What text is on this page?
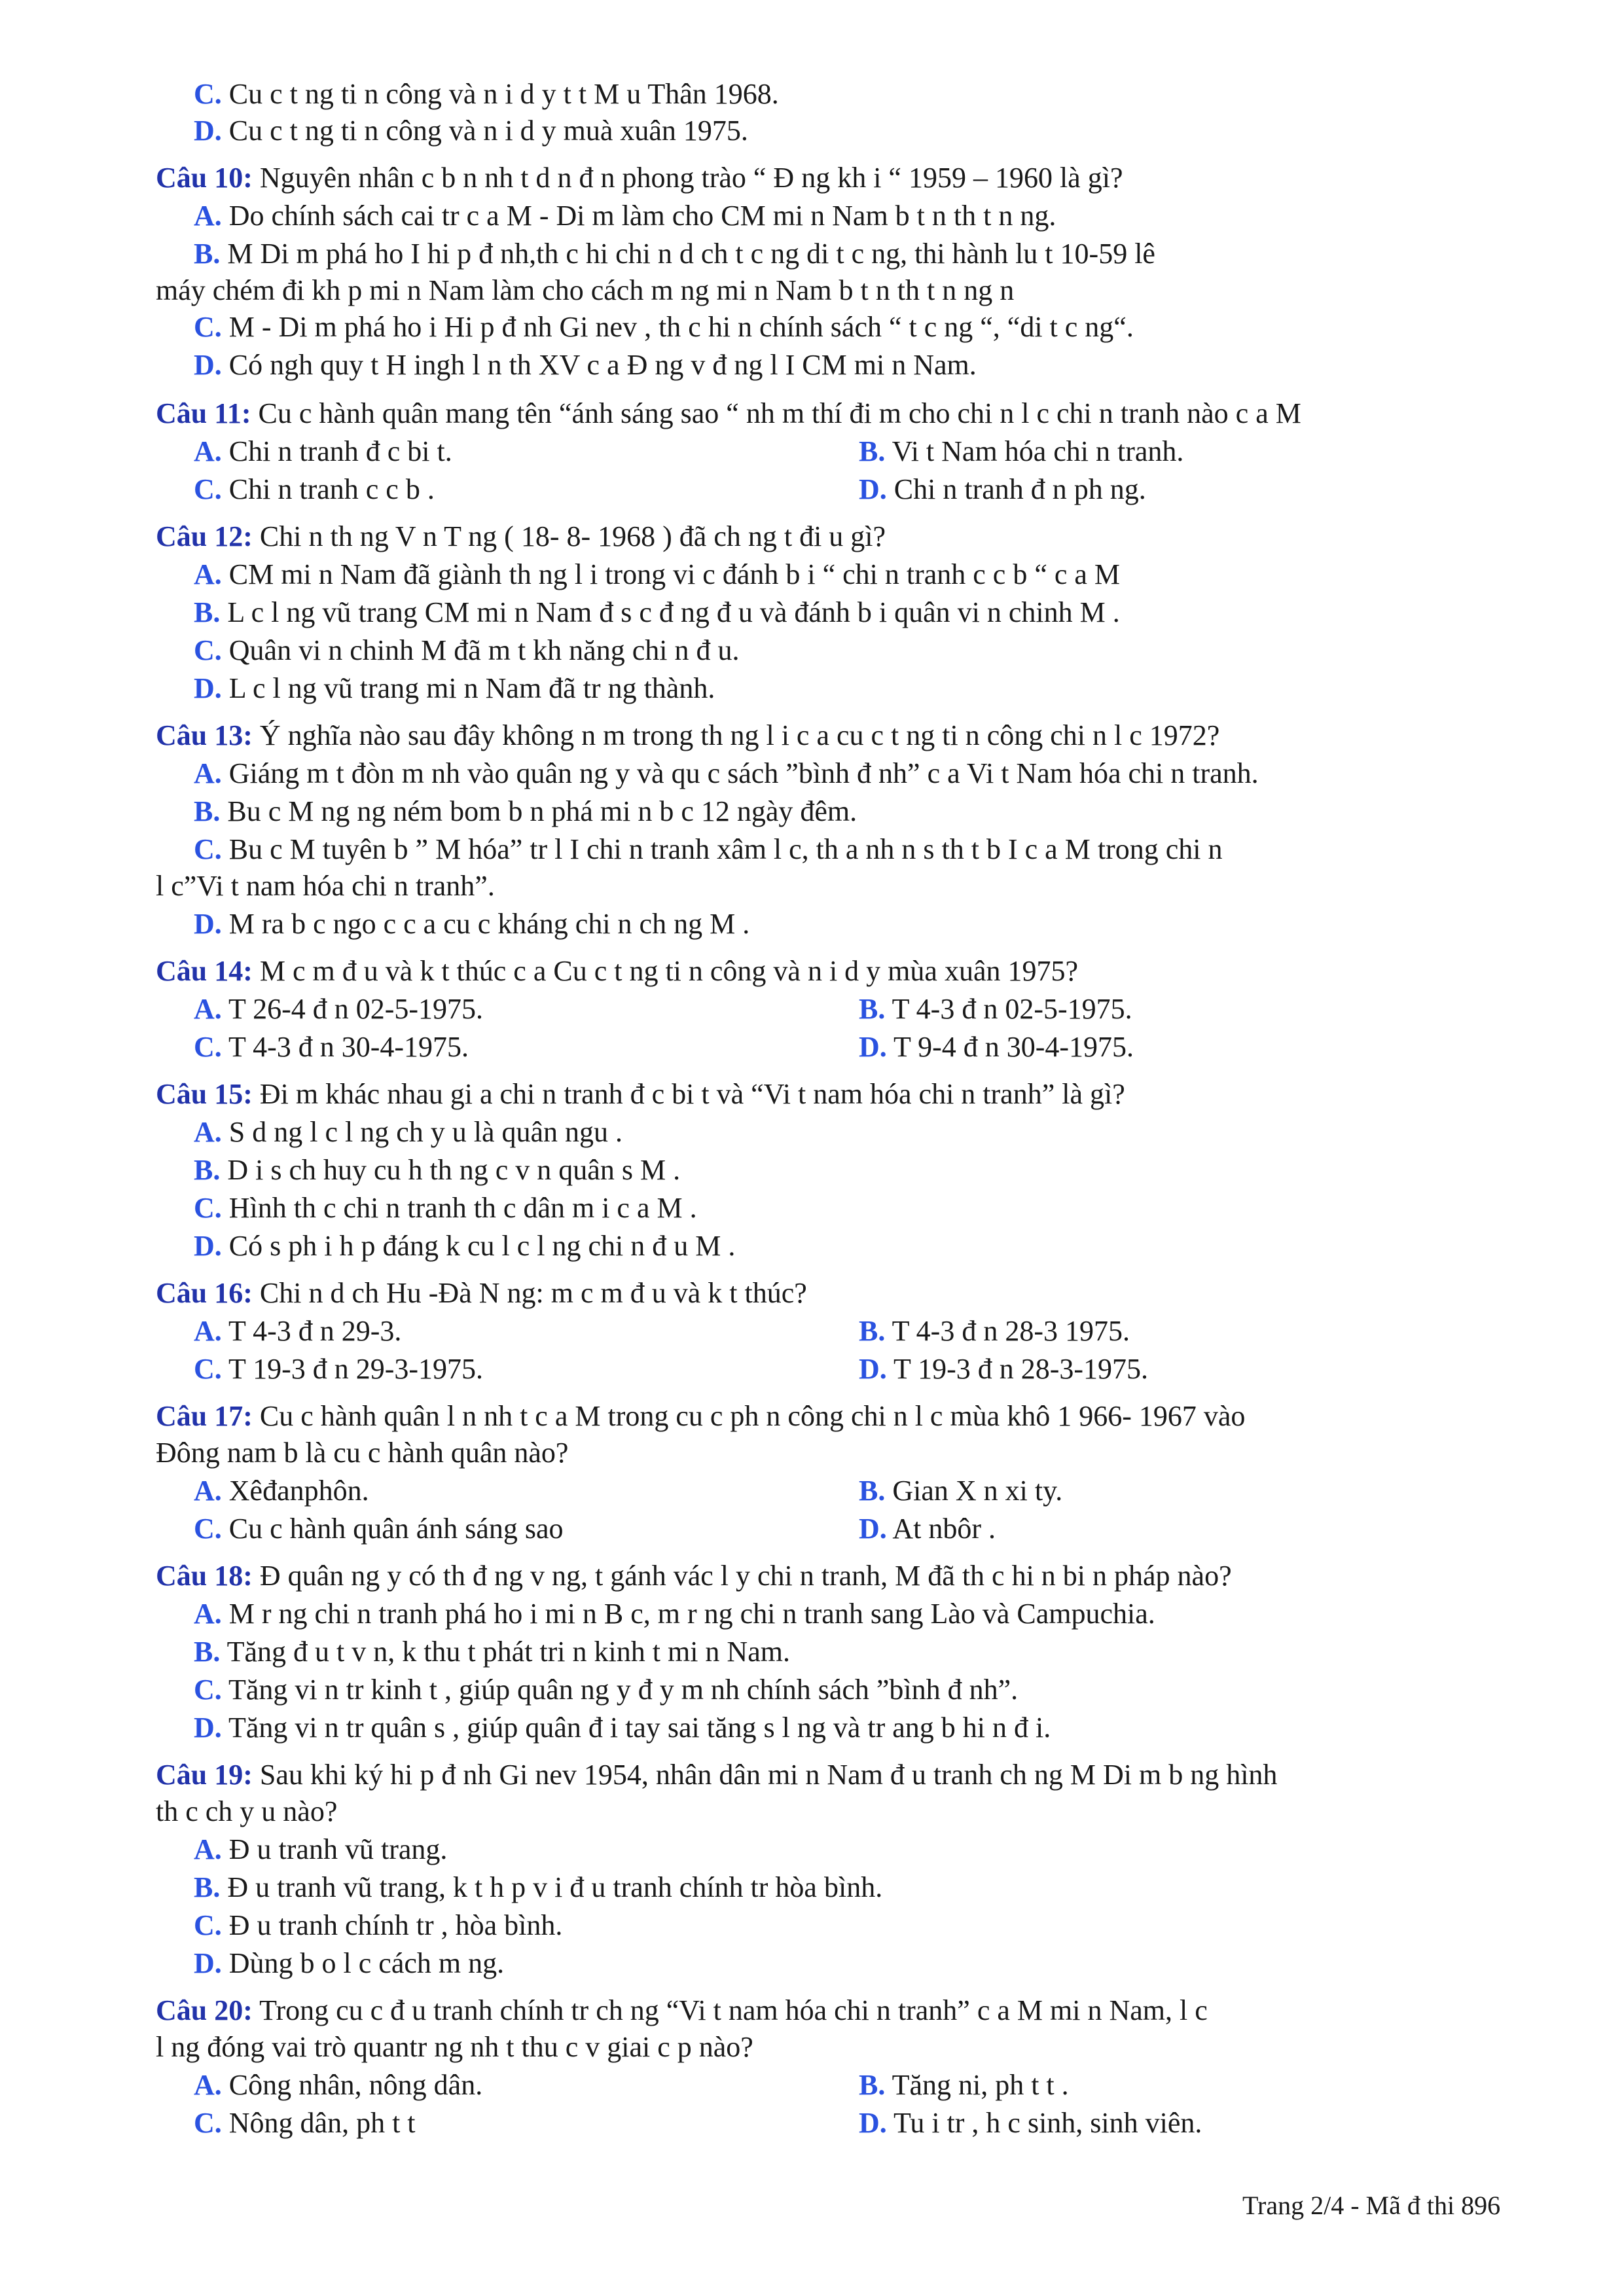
C. Cu c t ng ti n công và n i d y t t M u Thân 1968.
D. Cu c t ng ti n công và n i d y muà xuân 1975.
Câu 10: Nguyên nhân c b n nh t d n đ n phong trào “ Đ ng kh i “ 1959 – 1960 là gì?
A. Do chính sách cai tr c a M - Di m làm cho CM mi n Nam b t n th t n ng.
B. M Di m phá ho I hi p đ nh,th c hi chi n d ch t c ng di t c ng, thi hành lu t 10-59 lê
máy chém đi kh p mi n Nam làm cho cách m ng mi n Nam b t n th t n ng n
C. M - Di m phá ho i Hi p đ nh Gi nev , th c hi n chính sách “ t c ng “, “di t c ng“.
D. Có ngh quy t H ingh l n th XV c a Đ ng v đ ng l I CM mi n Nam.
Câu 11: Cu c hành quân mang tên “ánh sáng sao “ nh m thí đi m cho chi n l c chi n tranh nào c a M
A. Chi n tranh đ c bi t.	B. Vi t Nam hóa chi n tranh.
C. Chi n tranh c c b .	D. Chi n tranh đ n ph ng.
Câu 12: Chi n th ng V n T ng ( 18- 8- 1968 ) đã ch ng t đi u gì?
A. CM mi n Nam đã giành th ng l i trong vi c đánh b i “ chi n tranh c c b “ c a M
B. L c l ng vũ trang CM mi n Nam đ s c đ ng đ u và đánh b i quân vi n chinh M .
C. Quân vi n chinh M đã m t kh năng chi n đ u.
D. L c l ng vũ trang mi n Nam đã tr ng thành.
Câu 13: Ý nghĩa nào sau đây không n m trong th ng l i c a cu c t ng ti n công chi n l c 1972?
A. Giáng m t đòn m nh vào quân ng y và qu c sách ”bình đ nh” c a Vi t Nam hóa chi n tranh.
B. Bu c M ng ng ném bom b n phá mi n b c 12 ngày đêm.
C. Bu c M tuyên b ” M hóa” tr l I chi n tranh xâm l c, th a nh n s th t b I c a M trong chi n
l c”Vi t nam hóa chi n tranh”.
D. M ra b c ngo c c a cu c kháng chi n ch ng M .
Câu 14: M c m đ u và k t thúc c a Cu c t ng ti n công và n i d y mùa xuân 1975?
A. T 26-4 đ n 02-5-1975.	B. T 4-3 đ n 02-5-1975.
C. T 4-3 đ n 30-4-1975.	D. T 9-4 đ n 30-4-1975.
Câu 15: Đi m khác nhau gi a chi n tranh đ c bi t và “Vi t nam hóa chi n tranh” là gì?
A. S d ng l c l ng ch y u là quân ngu .
B. D i s ch huy cu h th ng c v n quân s M .
C. Hình th c chi n tranh th c dân m i c a M .
D. Có s ph i h p đáng k cu l c l ng chi n đ u M .
Câu 16: Chi n d ch Hu -Đà N ng: m c m đ u và k t thúc?
A. T 4-3 đ n 29-3.	B. T 4-3 đ n 28-3 1975.
C. T 19-3 đ n 29-3-1975.	D. T 19-3 đ n 28-3-1975.
Câu 17: Cu c hành quân l n nh t c a M trong cu c ph n công chi n l c mùa khô 1 966- 1967 vào
Đông nam b là cu c hành quân nào?
A. Xêđanphôn.	B. Gian X n xi ty.
C. Cu c hành quân ánh sáng sao	D. At nbôr .
Câu 18: Đ quân ng y có th đ ng v ng, t gánh vác l y chi n tranh, M đã th c hi n bi n pháp nào?
A. M r ng chi n tranh phá ho i mi n B c, m r ng chi n tranh sang Lào và Campuchia.
B. Tăng đ u t v n, k thu t phát tri n kinh t mi n Nam.
C. Tăng vi n tr kinh t , giúp quân ng y đ y m nh chính sách ”bình đ nh”.
D. Tăng vi n tr quân s , giúp quân đ i tay sai tăng s l ng và tr ang b hi n đ i.
Câu 19: Sau khi ký hi p đ nh Gi nev 1954, nhân dân mi n Nam đ u tranh ch ng M Di m b ng hình
th c ch y u nào?
A. Đ u tranh vũ trang.
B. Đ u tranh vũ trang, k t h p v i đ u tranh chính tr hòa bình.
C. Đ u tranh chính tr , hòa bình.
D. Dùng b o l c cách m ng.
Câu 20: Trong cu c đ u tranh chính tr ch ng “Vi t nam hóa chi n tranh” c a M mi n Nam, l c
l ng đóng vai trò quantr ng nh t thu c v giai c p nào?
A. Công nhân, nông dân.	B. Tăng ni, ph t t .
C. Nông dân, ph t t	D. Tu i tr , h c sinh, sinh viên.
Trang 2/4 - Mã đ thi 896
